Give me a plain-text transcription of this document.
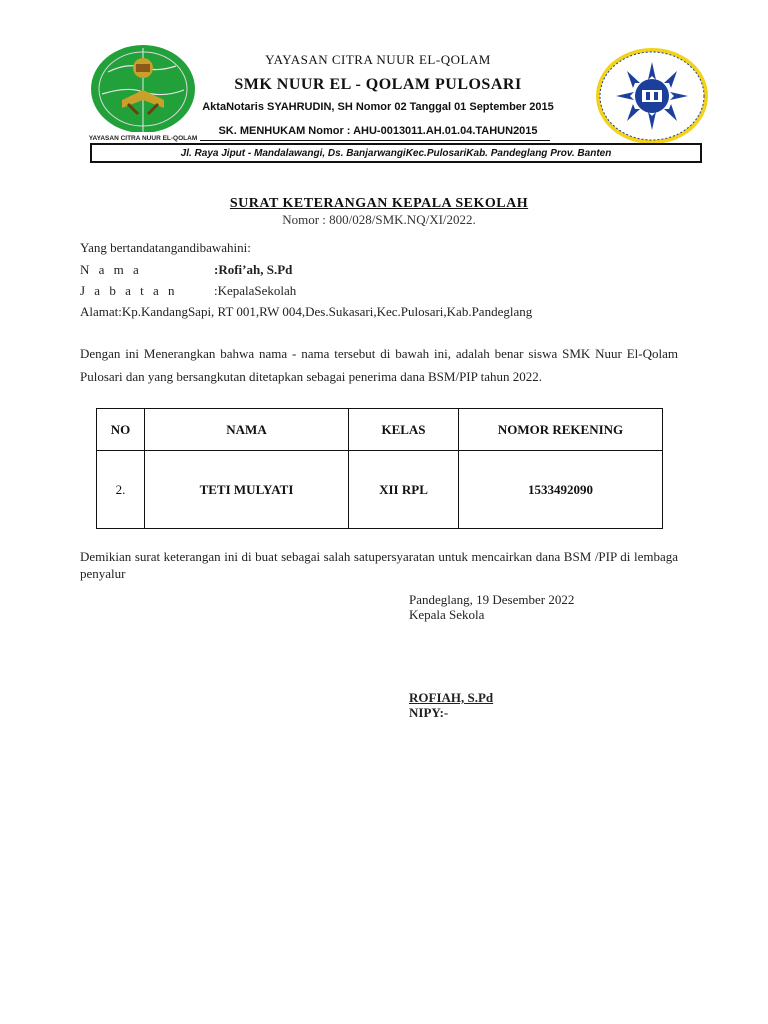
YAYASAN CITRA NUUR EL-QOLAM
YAYASAN CITRA NUUR EL-QOLAM
SMK NUUR EL - QOLAM PULOSARI
AktaNotaris SYAHRUDIN, SH Nomor 02 Tanggal 01 September 2015
SK. MENHUKAM Nomor : AHU-0013011.AH.01.04.TAHUN2015
Jl. Raya Jiput - Mandalawangi, Ds. BanjarwangiKec.PulosariKab. Pandeglang Prov. Banten
SURAT KETERANGAN KEPALA SEKOLAH
Nomor : 800/028/SMK.NQ/XI/2022.
Yang bertandatangandibawahini:
N a m a	:Rofi’ah, S.Pd
J a b a t a n	:KepalaSekolah
Alamat:Kp.KandangSapi, RT 001,RW 004,Des.Sukasari,Kec.Pulosari,Kab.Pandeglang
Dengan ini Menerangkan bahwa nama - nama tersebut di bawah ini, adalah benar siswa SMK Nuur El-Qolam Pulosari dan yang bersangkutan ditetapkan sebagai penerima dana BSM/PIP tahun 2022.
NO	NAMA	KELAS	NOMOR REKENING
2.	TETI MULYATI	XII RPL	1533492090
Demikian surat keterangan ini di buat sebagai salah satupersyaratan untuk mencairkan dana BSM /PIP di lembaga penyalur
Pandeglang, 19 Desember 2022
Kepala Sekola
ROFIAH, S.Pd
NIPY:-
